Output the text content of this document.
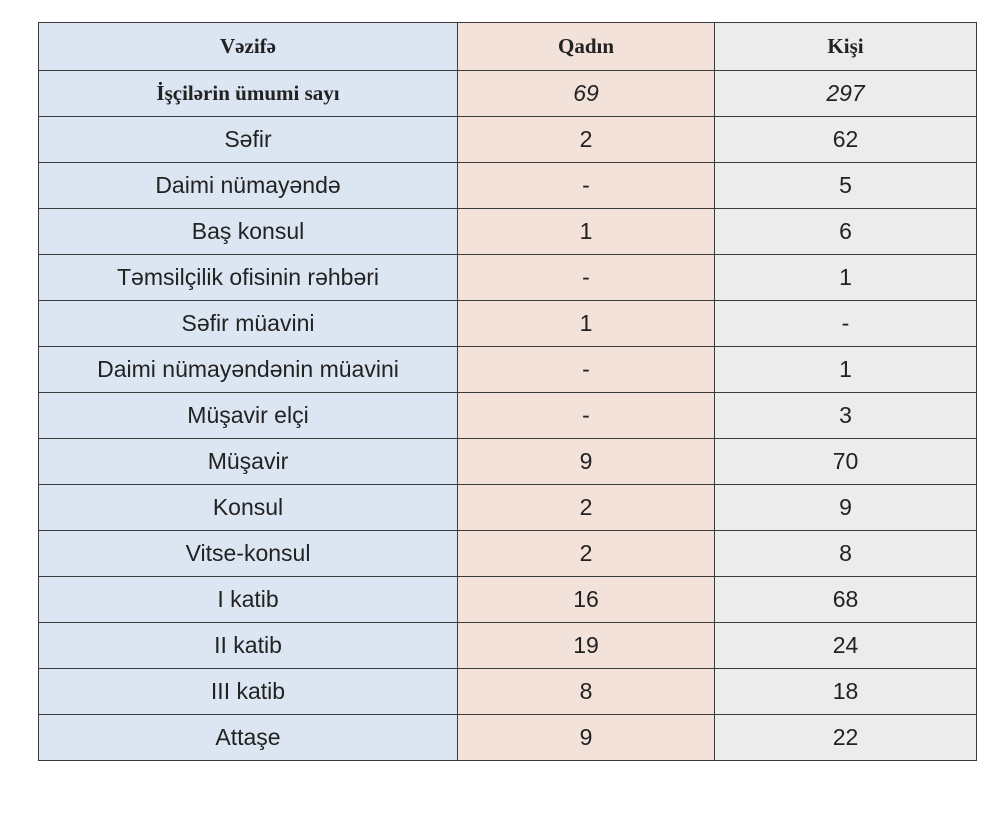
Vəzifə	Qadın	Kişi
İşçilərin ümumi sayı	69	297
Səfir	2	62
Daimi nümayəndə	-	5
Baş konsul	1	6
Təmsilçilik ofisinin rəhbəri	-	1
Səfir müavini	1	-
Daimi nümayəndənin müavini	-	1
Müşavir elçi	-	3
Müşavir	9	70
Konsul	2	9
Vitse-konsul	2	8
I katib	16	68
II katib	19	24
III katib	8	18
Attaşe	9	22
